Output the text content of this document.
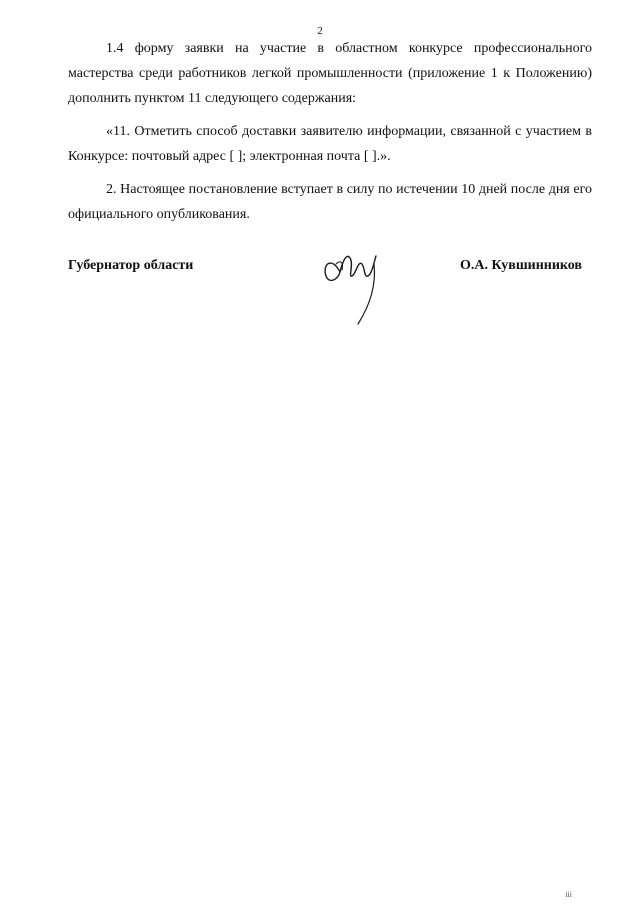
2

1.4 форму заявки на участие в областном конкурсе профессионального мастерства среди работников легкой промышленности (приложение 1 к Положению) дополнить пунктом 11 следующего содержания:

«11. Отметить способ доставки заявителю информации, связанной с участием в Конкурсе: почтовый адрес [ ]; электронная почта [ ].».

2. Настоящее постановление вступает в силу по истечении 10 дней после дня его официального опубликования.

Губернатор области	О.А. Кувшинников
iii
